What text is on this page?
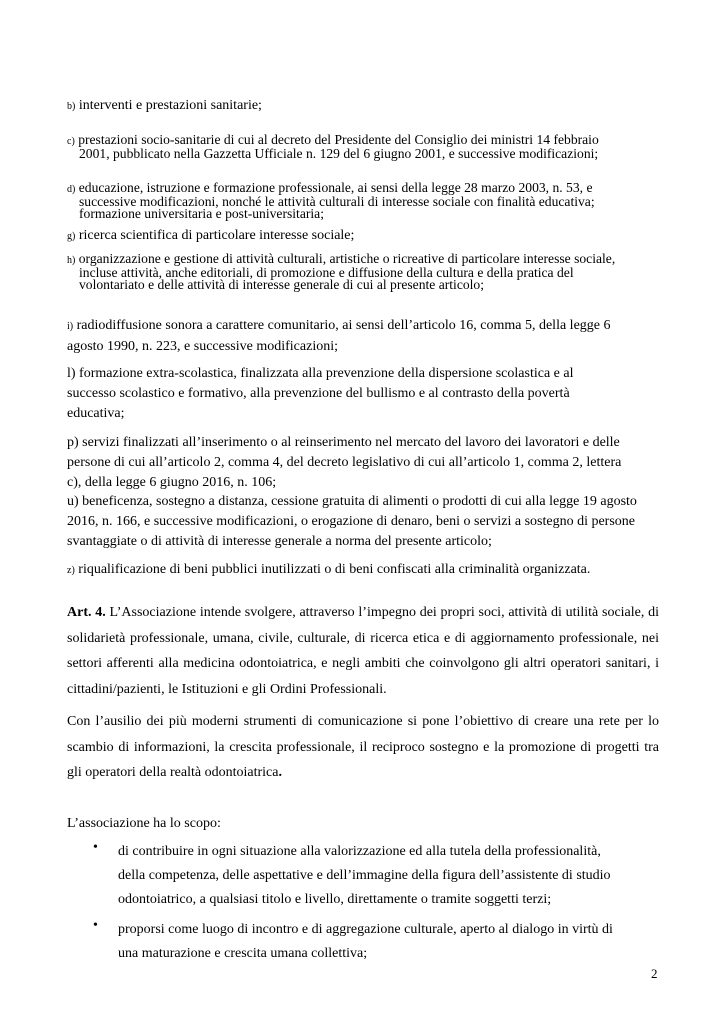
b) interventi e prestazioni sanitarie;
c) prestazioni socio-sanitarie di cui al decreto del Presidente del Consiglio dei ministri 14 febbraio
2001, pubblicato nella Gazzetta Ufficiale n. 129 del 6 giugno 2001, e successive modificazioni;
d) educazione, istruzione e formazione professionale, ai sensi della legge 28 marzo 2003, n. 53, e
successive modificazioni, nonché le attività culturali di interesse sociale con finalità educativa;
formazione universitaria e post-universitaria;
g) ricerca scientifica di particolare interesse sociale;
h) organizzazione e gestione di attività culturali, artistiche o ricreative di particolare interesse sociale,
incluse attività, anche editoriali, di promozione e diffusione della cultura e della pratica del
volontariato e delle attività di interesse generale di cui al presente articolo;
i) radiodiffusione sonora a carattere comunitario, ai sensi dell’articolo 16, comma 5, della legge 6
agosto 1990, n. 223, e successive modificazioni;
l) formazione extra-scolastica, finalizzata alla prevenzione della dispersione scolastica e al
successo scolastico e formativo, alla prevenzione del bullismo e al contrasto della povertà
educativa;
p) servizi finalizzati all’inserimento o al reinserimento nel mercato del lavoro dei lavoratori e delle
persone di cui all’articolo 2, comma 4, del decreto legislativo di cui all’articolo 1, comma 2, lettera
c), della legge 6 giugno 2016, n. 106;
u) beneficenza, sostegno a distanza, cessione gratuita di alimenti o prodotti di cui alla legge 19 agosto
2016, n. 166, e successive modificazioni, o erogazione di denaro, beni o servizi a sostegno di persone
svantaggiate o di attività di interesse generale a norma del presente articolo;
z) riqualificazione di beni pubblici inutilizzati o di beni confiscati alla criminalità organizzata.
Art. 4. L’Associazione intende svolgere, attraverso l’impegno dei propri soci, attività di utilità sociale, di solidarietà professionale, umana, civile, culturale, di ricerca etica e di aggiornamento professionale, nei settori afferenti alla medicina odontoiatrica, e negli ambiti che coinvolgono gli altri operatori sanitari, i cittadini/pazienti, le Istituzioni e gli Ordini Professionali.
Con l’ausilio dei più moderni strumenti di comunicazione si pone l’obiettivo di creare una rete per lo scambio di informazioni, la crescita professionale, il reciproco sostegno e la promozione di progetti tra gli operatori della realtà odontoiatrica.
L’associazione ha lo scopo:
• di contribuire in ogni situazione alla valorizzazione ed alla tutela della professionalità,
della competenza, delle aspettative e dell’immagine della figura dell’assistente di studio
odontoiatrico, a qualsiasi titolo e livello, direttamente o tramite soggetti terzi;
• proporsi come luogo di incontro e di aggregazione culturale, aperto al dialogo in virtù di
una maturazione e crescita umana collettiva;
2
